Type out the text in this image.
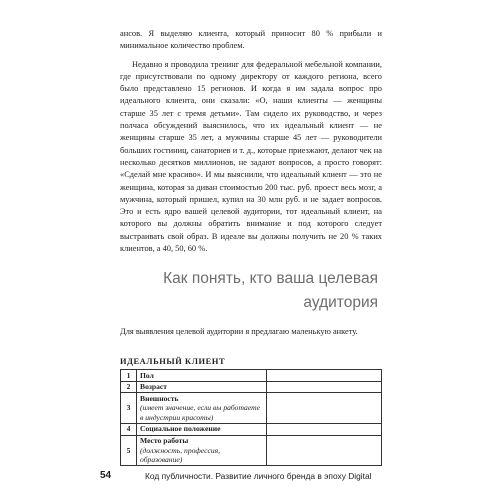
ансов. Я выделяю клиента, который приносит 80 % прибыли и минимальное количество проблем.

Недавно я проводила тренинг для федеральной мебельной компании, где присутствовали по одному директору от каждого региона, всего было представлено 15 регионов. И когда я им задала вопрос про идеального клиента, они сказали: «О, наши клиенты — женщины старше 35 лет с тремя детьми». Там сидело их руководство, и через полчаса обсуждений выяснилось, что их идеальный клиент — не женщины старше 35 лет, а мужчины старше 45 лет — руководители больших гостиниц, санаториев и т. д., которые приезжают, делают чек на несколько десятков миллионов, не задают вопросов, а просто говорят: «Сделай мне красиво». И мы выяснили, что идеальный клиент — это не женщина, которая за диван стоимостью 200 тыс. руб. проест весь мозг, а мужчина, который пришел, купил на 30 млн руб. и не задает вопросов. Это и есть ядро вашей целевой аудитории, тот идеальный клиент, на которого вы должны обратить внимание и под которого следует выстраивать свой образ. В идеале вы должны получить не 20 % таких клиентов, а 40, 50, 60 %.

Как понять, кто ваша целевая аудитория

Для выявления целевой аудитории я предлагаю маленькую анкету.

ИДЕАЛЬНЫЙ КЛИЕНТ

1	Пол	

2	Возраст	

3	Внешность
(имеет значение, если вы работаете в индустрии красоты)	

4	Социальное положение	

5	Место работы
(должность, профессия, образование)	

54	Код публичности. Развитие личного бренда в эпоху Digital
